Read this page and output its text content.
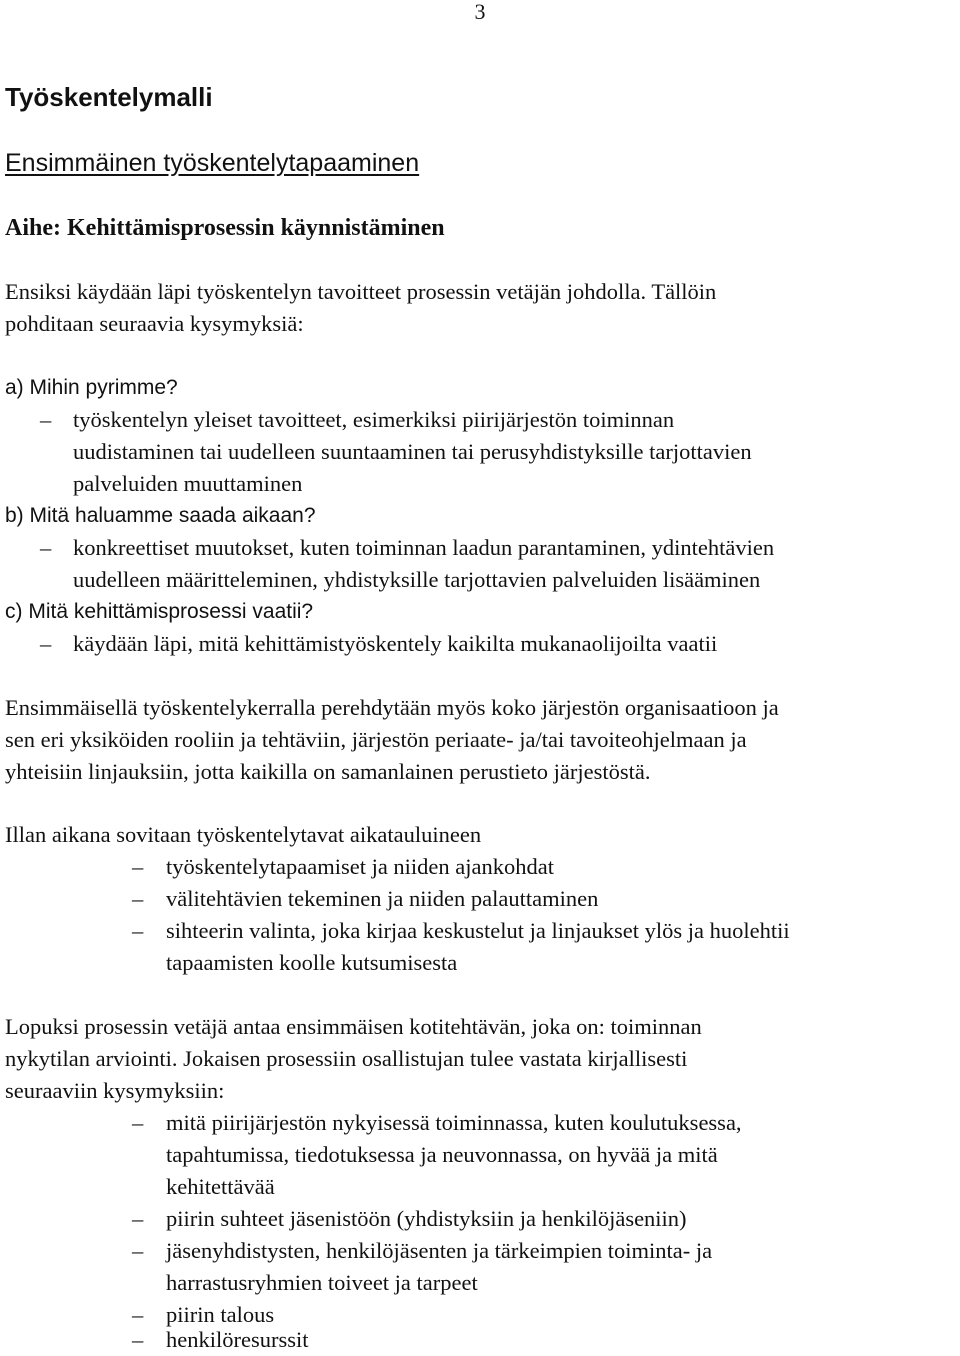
3
Työskentelymalli
Ensimmäinen työskentelytapaaminen
Aihe: Kehittämisprosessin käynnistäminen
Ensiksi käydään läpi työskentelyn tavoitteet prosessin vetäjän johdolla. Tällöin
pohditaan seuraavia kysymyksiä:
a) Mihin pyrimme?
– työskentelyn yleiset tavoitteet, esimerkiksi piirijärjestön toiminnan
uudistaminen tai uudelleen suuntaaminen tai perusyhdistyksille tarjottavien
palveluiden muuttaminen
b) Mitä haluamme saada aikaan?
– konkreettiset muutokset, kuten toiminnan laadun parantaminen, ydintehtävien
uudelleen määritteleminen, yhdistyksille tarjottavien palveluiden lisääminen
c) Mitä kehittämisprosessi vaatii?
– käydään läpi, mitä kehittämistyöskentely kaikilta mukanaolijoilta vaatii
Ensimmäisellä työskentelykerralla perehdytään myös koko järjestön organisaatioon ja
sen eri yksiköiden rooliin ja tehtäviin, järjestön periaate- ja/tai tavoiteohjelmaan ja
yhteisiin linjauksiin, jotta kaikilla on samanlainen perustieto järjestöstä.
Illan aikana sovitaan työskentelytavat aikatauluineen
– työskentelytapaamiset ja niiden ajankohdat
– välitehtävien tekeminen ja niiden palauttaminen
– sihteerin valinta, joka kirjaa keskustelut ja linjaukset ylös ja huolehtii
tapaamisten koolle kutsumisesta
Lopuksi prosessin vetäjä antaa ensimmäisen kotitehtävän, joka on: toiminnan
nykytilan arviointi. Jokaisen prosessiin osallistujan tulee vastata kirjallisesti
seuraaviin kysymyksiin:
– mitä piirijärjestön nykyisessä toiminnassa, kuten koulutuksessa,
tapahtumissa, tiedotuksessa ja neuvonnassa, on hyvää ja mitä
kehitettävää
– piirin suhteet jäsenistöön (yhdistyksiin ja henkilöjäseniin)
– jäsenyhdistysten, henkilöjäsenten ja tärkeimpien toiminta- ja
harrastusryhmien toiveet ja tarpeet
– piirin talous
– henkilöresurssit
